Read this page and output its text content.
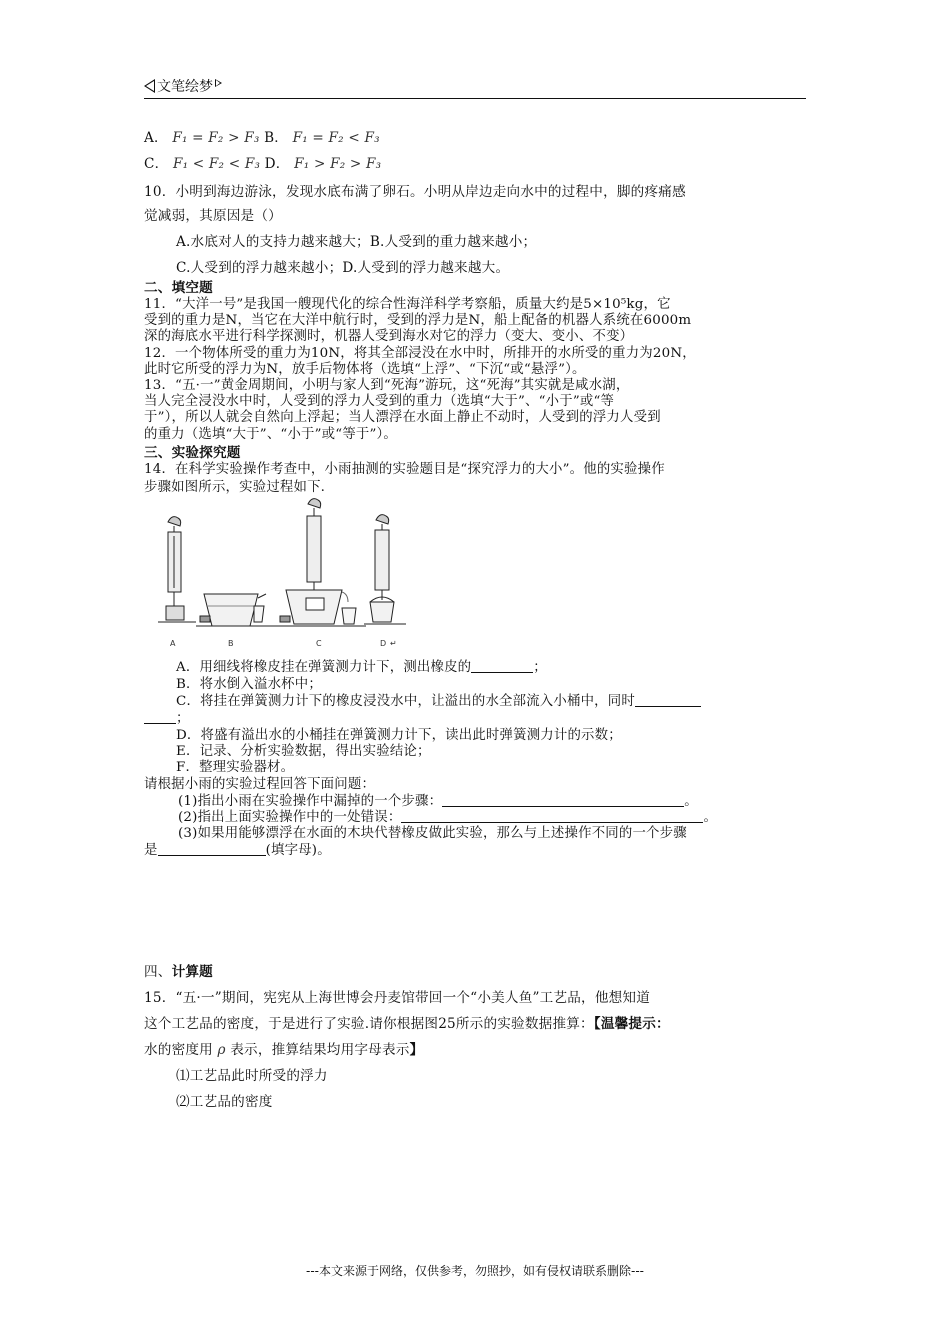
文笔绘梦
A． F₁ = F₂ > F₃ B． F₁ = F₂ < F₃
C． F₁ < F₂ < F₃ D． F₁ > F₂ > F₃
10．小明到海边游泳，发现水底布满了卵石。小明从岸边走向水中的过程中，脚的疼痛感
觉减弱，其原因是（）
A.水底对人的支持力越来越大；B.人受到的重力越来越小；
C.人受到的浮力越来越小；D.人受到的浮力越来越大。
二、填空题
11．“大洋一号”是我国一艘现代化的综合性海洋科学考察船，质量大约是5×10⁵kg，它
受到的重力是N，当它在大洋中航行时，受到的浮力是N，船上配备的机器人系统在6000m
深的海底水平进行科学探测时，机器人受到海水对它的浮力（变大、变小、不变）
12．一个物体所受的重力为10N，将其全部浸没在水中时，所排开的水所受的重力为20N，
此时它所受的浮力为N，放手后物体将（选填“上浮”、“下沉“或“悬浮”）。
13．“五·一”黄金周期间，小明与家人到“死海”游玩，这“死海”其实就是咸水湖，
当人完全浸没水中时，人受到的浮力人受到的重力（选填“大于”、“小于”或“等
于”），所以人就会自然向上浮起；当人漂浮在水面上静止不动时，人受到的浮力人受到
的重力（选填“大于”、“小于”或“等于”）。
三、实验探究题
14．在科学实验操作考查中，小雨抽测的实验题目是“探究浮力的大小”。他的实验操作
步骤如图所示，实验过程如下.
A	B	C	D ↵
A．用细线将橡皮挂在弹簧测力计下，测出橡皮的	；
B．将水倒入溢水杯中；
C．将挂在弹簧测力计下的橡皮浸没水中，让溢出的水全部流入小桶中，同时
；
D．将盛有溢出水的小桶挂在弹簧测力计下，读出此时弹簧测力计的示数；
E．记录、分析实验数据，得出实验结论；
F．整理实验器材。
请根据小雨的实验过程回答下面问题：
(1)指出小雨在实验操作中漏掉的一个步骤：	。
(2)指出上面实验操作中的一处错误：	。
(3)如果用能够漂浮在水面的木块代替橡皮做此实验，那么与上述操作不同的一个步骤
是	(填字母)。
四、计算题
15．“五·一”期间，宪宪从上海世博会丹麦馆带回一个“小美人鱼”工艺品，他想知道
这个工艺品的密度，于是进行了实验.请你根据图25所示的实验数据推算：【温馨提示：
水的密度用 ρ 表示，推算结果均用字母表示】
⑴工艺品此时所受的浮力
⑵工艺品的密度
---本文来源于网络，仅供参考，勿照抄，如有侵权请联系删除---
